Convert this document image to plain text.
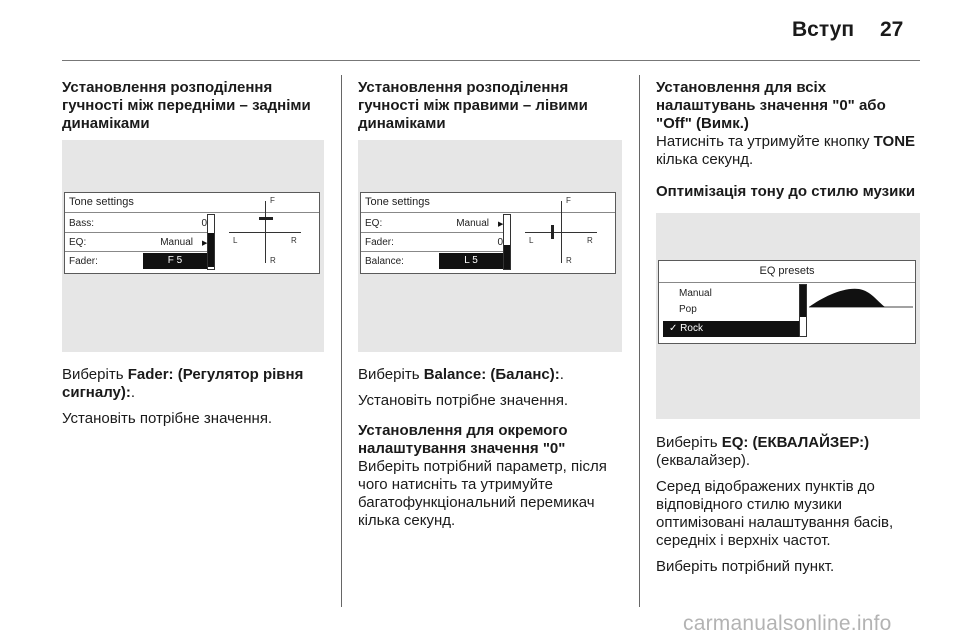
Вступ 27
Установлення розподілення гучності між передніми – задніми динаміками
Tone settings
Bass:	0
EQ:	Manual ▶
Fader:	F 5
F
R
L	R

Виберіть Fader: (Регулятор рівня сигналу):.

Установіть потрібне значення.

Установлення розподілення гучності між правими – лівими динаміками
Tone settings
EQ:	Manual ▶
Fader:	0
Balance:	L 5
F
R
L	R

Виберіть Balance: (Баланс):.

Установіть потрібне значення.

Установлення для окремого налаштування значення "0"

Виберіть потрібний параметр, після чого натисніть та утримуйте багатофункціональний перемикач кілька секунд.

Установлення для всіх налаштувань значення "0" або "Off" (Вимк.)

Натисніть та утримуйте кнопку TONE кілька секунд.

Оптимізація тону до стилю музики
EQ presets
Manual
Pop
✓ Rock

Виберіть EQ: (ЕКВАЛАЙЗЕР:) (еквалайзер).

Серед відображених пунктів до відповідного стилю музики оптимізовані налаштування басів, середніх і верхніх частот.

Виберіть потрібний пункт.

carmanualsonline.info
